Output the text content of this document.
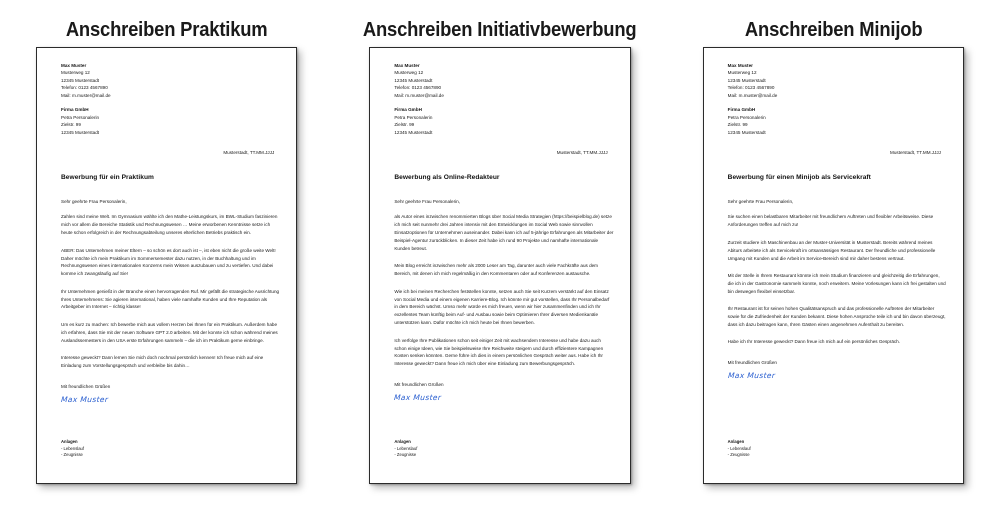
Anschreiben Praktikum
Max Muster
Musterweg 12
12345 Musterstadt
Telefon: 0123 4567890
Mail: m.muster@mail.de
Firma GmbH
Petra Personalerin
Zielstr. 99
12345 Musterstadt
Musterstadt, TT.MM.JJJJ
Bewerbung für ein Praktikum
Sehr geehrte Frau Personalerin,
Zahlen sind meine Welt. Im Gymnasium wählte ich den Mathe-Leistungskurs, im BWL-Studium faszinieren mich vor allem die Bereiche Statistik und Rechnungswesen … Meine erworbenen Kenntnisse setze ich heute schon erfolgreich in der Rechnungsabteilung unseres elterlichen Betriebs praktisch ein.
ABER: Das Unternehmen meiner Eltern – so schön es dort auch ist –, ist eben nicht die große weite Welt! Daher möchte ich mein Praktikum im Sommersemester dazu nutzen, in der Buchhaltung und im Rechnungswesen eines internationalen Konzerns mein Wissen auszubauen und zu vertiefen. Und dabei komme ich zwangsläufig auf Sie!
Ihr Unternehmen genießt in der Branche einen hervorragenden Ruf. Mir gefällt die strategische Ausrichtung Ihres Unternehmens: Sie agieren international, haben viele namhafte Kunden und Ihre Reputation als Arbeitgeber im Internet – richtig klasse!
Um es kurz zu machen: Ich bewerbe mich aus vollem Herzen bei Ihnen für ein Praktikum. Außerdem habe ich erfahren, dass Sie mit der neuen Software GPT 2.0 arbeiten. Mit der konnte ich schon während meines Auslandssemesters in den USA erste Erfahrungen sammeln – die ich im Praktikum gerne einbringe.
Interesse geweckt? Dann lernen Sie mich doch nochmal persönlich kennen! Ich freue mich auf eine Einladung zum Vorstellungsgespräch und verbleibe bis dahin…
Mit freundlichen Grüßen
Max Muster
Anlagen
- Lebenslauf
- Zeugnisse
Anschreiben Initiativbewerbung
Max Muster
Musterweg 12
12345 Musterstadt
Telefon: 0123 4567890
Mail: m.muster@mail.de
Firma GmbH
Petra Personalerin
Zielstr. 99
12345 Musterstadt
Musterstadt, TT.MM.JJJJ
Bewerbung als Online-Redakteur
Sehr geehrte Frau Personalerin,
als Autor eines inzwischen renommierten Blogs über Social Media Strategien (https://beispielblog.de) setze ich mich seit nunmehr drei Jahren intensiv mit den Entwicklungen im Social Web sowie sinnvollen Einsatzoptionen für Unternehmen auseinander. Dabei kann ich auf 5-jährige Erfahrungen als Mitarbeiter der Beispiel-Agentur zurückblicken. In dieser Zeit habe ich rund 90 Projekte und namhafte internationale Kunden betreut.
Mein Blog erreicht inzwischen mehr als 2000 Leser am Tag, darunter auch viele Fachkräfte aus dem Bereich, mit denen ich mich regelmäßig in den Kommentaren oder auf Konferenzen austausche.
Wie ich bei meinen Recherchen feststellen konnte, setzen auch Sie seit Kurzem verstärkt auf den Einsatz von Social Media und einem eigenen Karriere-Blog. Ich könnte mir gut vorstellen, dass Ihr Personalbedarf in dem Bereich wächst. Umso mehr würde es mich freuen, wenn wir hier zusammenfinden und ich Ihr exzellentes Team künftig beim Auf- und Ausbau sowie beim Optimieren Ihrer diversen Medienkanäle unterstützen kann. Dafür möchte ich mich heute bei Ihnen bewerben.
Ich verfolge Ihre Publikationen schon seit einiger Zeit mit wachsendem Interesse und habe dazu auch schon einige Ideen, wie Sie beispielsweise Ihre Reichweite steigern und durch effizientere Kampagnen Kosten senken könnten. Gerne führe ich dies in einem persönlichen Gespräch weiter aus. Habe ich Ihr Interesse geweckt? Dann freue ich mich über eine Einladung zum Bewerbungsgespräch.
Mit freundlichen Grüßen
Max Muster
Anlagen
- Lebenslauf
- Zeugnisse
Anschreiben Minijob
Max Muster
Musterweg 12
12345 Musterstadt
Telefon: 0123 4567890
Mail: m.muster@mail.de
Firma GmbH
Petra Personalerin
Zielstr. 99
12345 Musterstadt
Musterstadt, TT.MM.JJJJ
Bewerbung für einen Minijob als Servicekraft
Sehr geehrte Frau Personalerin,
Sie suchen einen belastbaren Mitarbeiter mit freundlichem Auftreten und flexibler Arbeitsweise. Diese Anforderungen treffen auf mich zu!
Zurzeit studiere ich Maschinenbau an der Muster-Universität in Musterstadt. Bereits während meines Abiturs arbeitete ich als Servicekraft im ortsansässigen Restaurant. Der freundliche und professionelle Umgang mit Kunden und die Arbeit im Service-Bereich sind mir daher bestens vertraut.
Mit der Stelle in Ihrem Restaurant könnte ich mein Studium finanzieren und gleichzeitig die Erfahrungen, die ich in der Gastronomie sammeln konnte, noch erweitern. Meine Vorlesungen kann ich frei gestalten und bin deswegen flexibel einsetzbar.
Ihr Restaurant ist für seinen hohen Qualitätsanspruch und das professionelle Auftreten der Mitarbeiter sowie für die Zufriedenheit der Kunden bekannt. Diese hohen Ansprüche teile ich und bin davon überzeugt, dass ich dazu beitragen kann, Ihren Gästen einen angenehmen Aufenthalt zu bereiten.
Habe ich Ihr Interesse geweckt? Dann freue ich mich auf ein persönliches Gespräch.
Mit freundlichen Grüßen
Max Muster
Anlagen
- Lebenslauf
- Zeugnisse
